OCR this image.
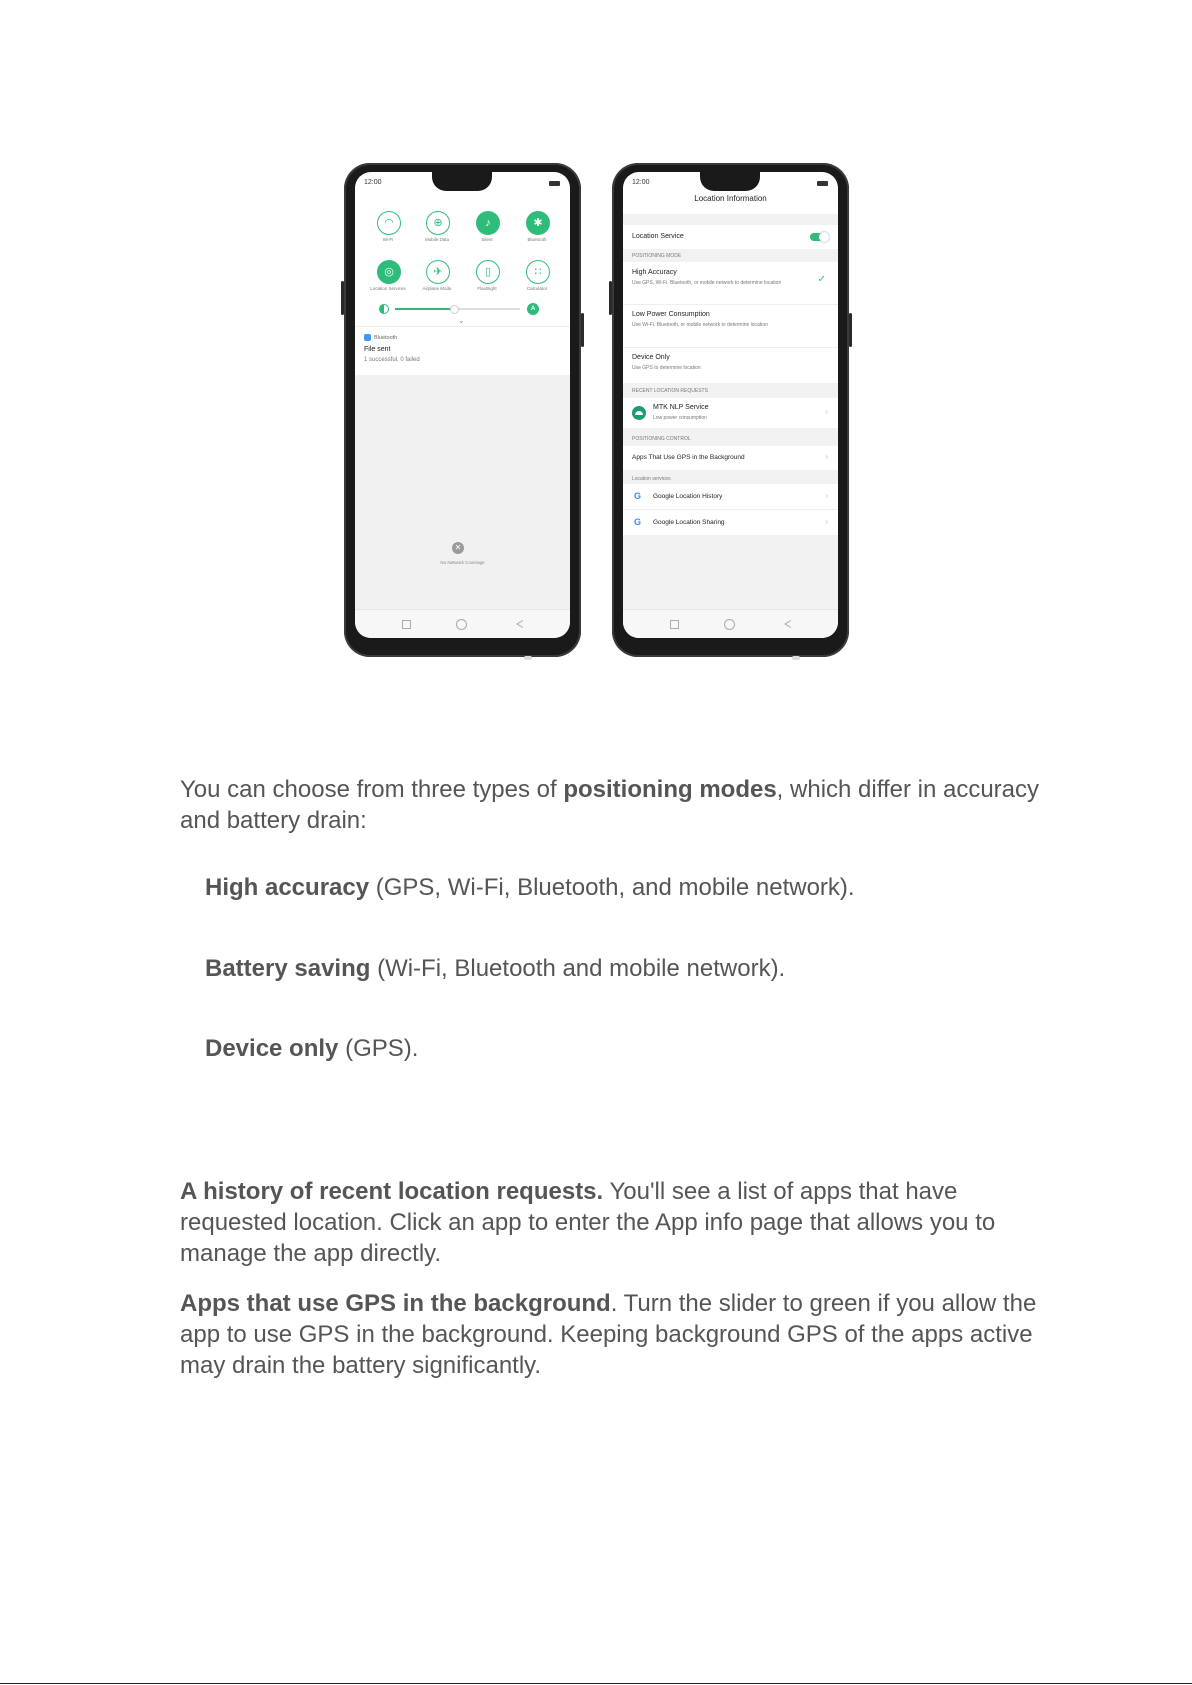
12:00
◠	⊕	♪	✱
Wi-Fi	Mobile Data	Silent	Bluetooth
◎	✈	▯	∷
Location Services	Airplane Mode	Flashlight	Calculator
A
⌄
Bluetooth
File sent
1 successful, 0 failed
✕
No Network Coverage
12:00
Location Information
Location Service
POSITIONING MODE
High Accuracy
Use GPS, Wi-Fi, Bluetooth, or mobile network to determine location	✓
Low Power Consumption
Use Wi-Fi, Bluetooth, or mobile network to determine location
Device Only
Use GPS to determine location
RECENT LOCATION REQUESTS
MTK NLP Service
Low power consumption
›
POSITIONING CONTROL
Apps That Use GPS in the Background	›
Location services
G Google Location History	›
G Google Location Sharing	›
You can choose from three types of positioning modes, which differ in accuracy and battery drain:
High accuracy (GPS, Wi-Fi, Bluetooth, and mobile network).
Battery saving (Wi-Fi, Bluetooth and mobile network).
Device only (GPS).
A history of recent location requests. You'll see a list of apps that have requested location. Click an app to enter the App info page that allows you to manage the app directly.
Apps that use GPS in the background. Turn the slider to green if you allow the app to use GPS in the background. Keeping background GPS of the apps active may drain the battery significantly.
